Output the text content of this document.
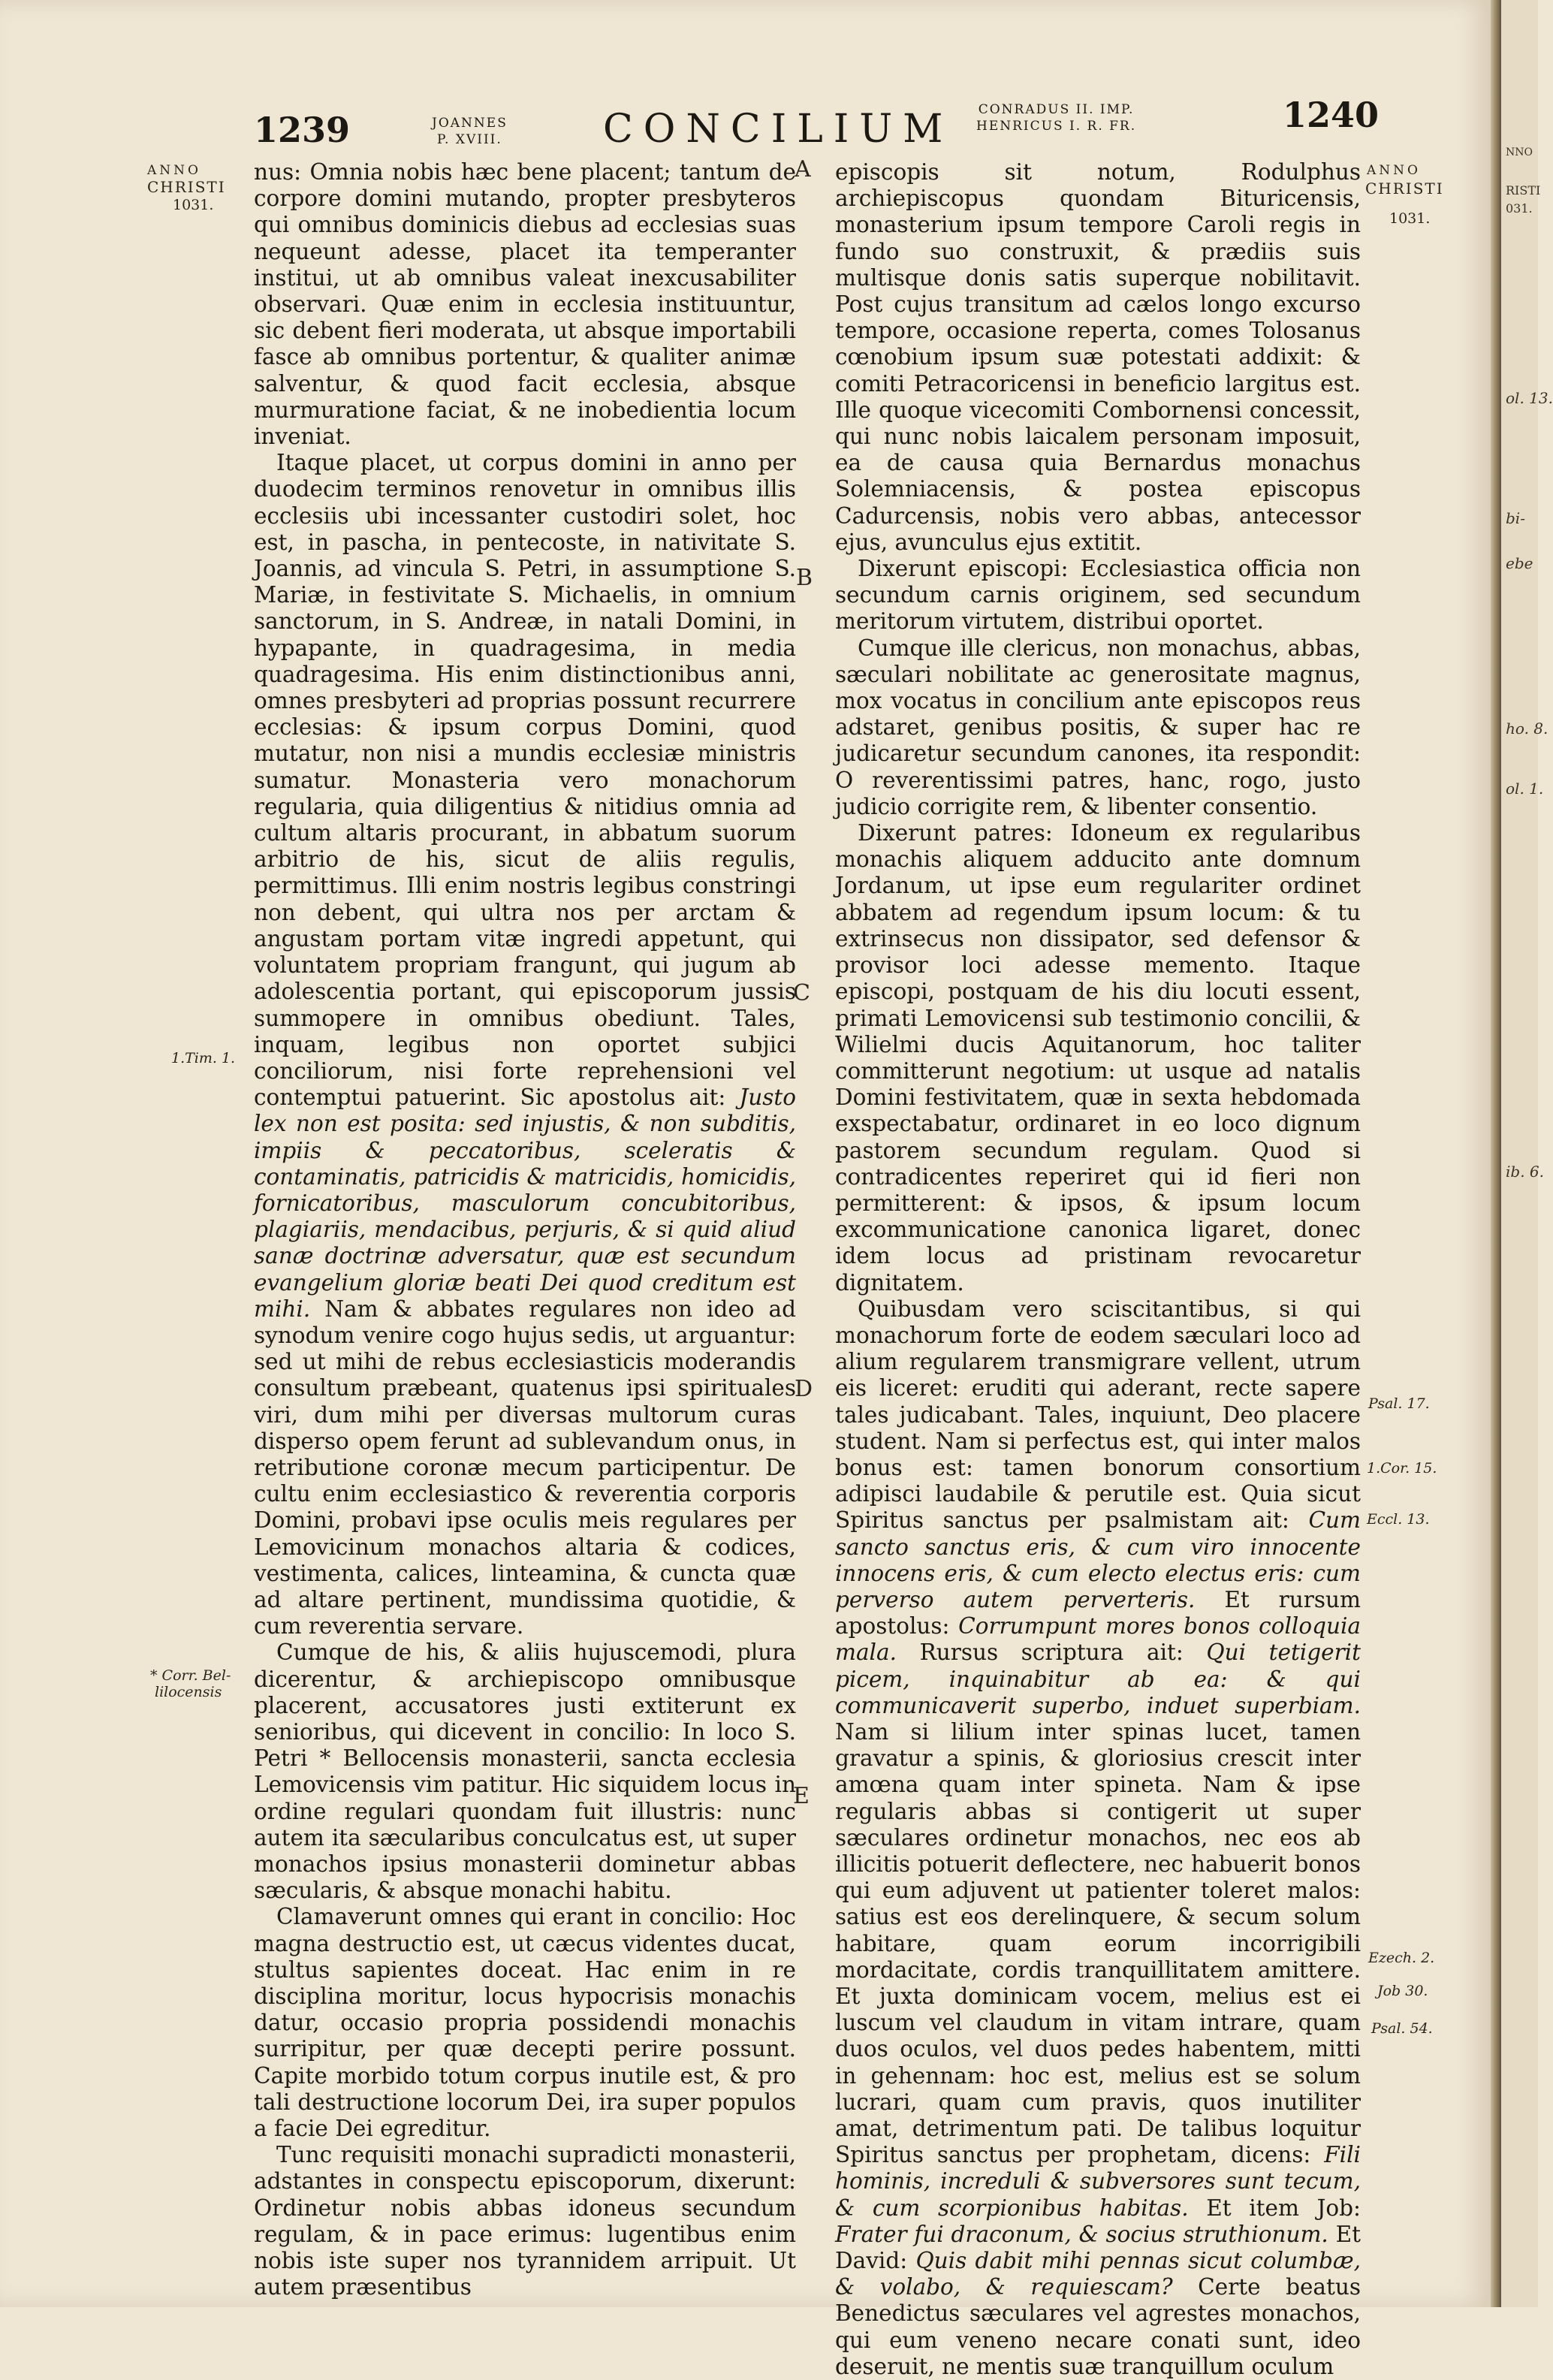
1239	JOANNES
P. XVIII.	CONCILIUM CONRADUS II. IMP.
HENRICUS I. R. FR.	1240
ANNO
CHRISTI
1031.
1.Tim. 1.
* Corr. Bel-
lilocensis
A
B
C
D
E

nus: Omnia nobis hæc bene placent; tantum de corpore domini mutando, propter presbyteros qui omnibus dominicis diebus ad ecclesias suas nequeunt adesse, placet ita temperanter institui, ut ab omnibus valeat inexcusabiliter observari. Quæ enim in ecclesia instituuntur, sic debent fieri moderata, ut absque importabili fasce ab omnibus portentur, & qualiter animæ salventur, & quod facit ecclesia, absque murmuratione faciat, & ne inobedientia locum inveniat.

Itaque placet, ut corpus domini in anno per duodecim terminos renovetur in omnibus illis ecclesiis ubi incessanter custodiri solet, hoc est, in pascha, in pentecoste, in nativitate S. Joannis, ad vincula S. Petri, in assumptione S. Mariæ, in festivitate S. Michaelis, in omnium sanctorum, in S. Andreæ, in natali Domini, in hypapante, in quadragesima, in media quadragesima. His enim distinctionibus anni, omnes presbyteri ad proprias possunt recurrere ecclesias: & ipsum corpus Domini, quod mutatur, non nisi a mundis ecclesiæ ministris sumatur. Monasteria vero monachorum regularia, quia diligentius & nitidius omnia ad cultum altaris procurant, in abbatum suorum arbitrio de his, sicut de aliis regulis, permittimus. Illi enim nostris legibus constringi non debent, qui ultra nos per arctam & angustam portam vitæ ingredi appetunt, qui voluntatem propriam frangunt, qui jugum ab adolescentia portant, qui episcoporum jussis summopere in omnibus obediunt. Tales, inquam, legibus non oportet subjici conciliorum, nisi forte reprehensioni vel contemptui patuerint. Sic apostolus ait: Justo lex non est posita: sed injustis, & non subditis, impiis & peccatoribus, sceleratis & contaminatis, patricidis & matricidis, homicidis, fornicatoribus, masculorum concubitoribus, plagiariis, mendacibus, perjuris, & si quid aliud sanæ doctrinæ adversatur, quæ est secundum evangelium gloriæ beati Dei quod creditum est mihi. Nam & abbates regulares non ideo ad synodum venire cogo hujus sedis, ut arguantur: sed ut mihi de rebus ecclesiasticis moderandis consultum præbeant, quatenus ipsi spirituales viri, dum mihi per diversas multorum curas disperso opem ferunt ad sublevandum onus, in retributione coronæ mecum participentur. De cultu enim ecclesiastico & reverentia corporis Domini, probavi ipse oculis meis regulares per Lemovicinum monachos altaria & codices, vestimenta, calices, linteamina, & cuncta quæ ad altare pertinent, mundissima quotidie, & cum reverentia servare.

Cumque de his, & aliis hujuscemodi, plura dicerentur, & archiepiscopo omnibusque placerent, accusatores justi extiterunt ex senioribus, qui dicevent in concilio: In loco S. Petri * Bellocensis monasterii, sancta ecclesia Lemovicensis vim patitur. Hic siquidem locus in ordine regulari quondam fuit illustris: nunc autem ita sæcularibus conculcatus est, ut super monachos ipsius monasterii dominetur abbas sæcularis, & absque monachi habitu.

Clamaverunt omnes qui erant in concilio: Hoc magna destructio est, ut cæcus videntes ducat, stultus sapientes doceat. Hac enim in re disciplina moritur, locus hypocrisis monachis datur, occasio propria possidendi monachis surripitur, per quæ decepti perire possunt. Capite morbido totum corpus inutile est, & pro tali destructione locorum Dei, ira super populos a facie Dei egreditur.

Tunc requisiti monachi supradicti monasterii, adstantes in conspectu episcoporum, dixerunt: Ordinetur nobis abbas idoneus secundum regulam, & in pace erimus: lugentibus enim nobis iste super nos tyrannidem arripuit. Ut autem præsentibus

episcopis sit notum, Rodulphus archiepiscopus quondam Bituricensis, monasterium ipsum tempore Caroli regis in fundo suo construxit, & prædiis suis multisque donis satis superque nobilitavit. Post cujus transitum ad cælos longo excurso tempore, occasione reperta, comes Tolosanus cœnobium ipsum suæ potestati addixit: & comiti Petracoricensi in beneficio largitus est. Ille quoque vicecomiti Combornensi concessit, qui nunc nobis laicalem personam imposuit, ea de causa quia Bernardus monachus Solemniacensis, & postea episcopus Cadurcensis, nobis vero abbas, antecessor ejus, avunculus ejus extitit.

Dixerunt episcopi: Ecclesiastica officia non secundum carnis originem, sed secundum meritorum virtutem, distribui oportet.

Cumque ille clericus, non monachus, abbas, sæculari nobilitate ac generositate magnus, mox vocatus in concilium ante episcopos reus adstaret, genibus positis, & super hac re judicaretur secundum canones, ita respondit: O reverentissimi patres, hanc, rogo, justo judicio corrigite rem, & libenter consentio.

Dixerunt patres: Idoneum ex regularibus monachis aliquem adducito ante domnum Jordanum, ut ipse eum regulariter ordinet abbatem ad regendum ipsum locum: & tu extrinsecus non dissipator, sed defensor & provisor loci adesse memento. Itaque episcopi, postquam de his diu locuti essent, primati Lemovicensi sub testimonio concilii, & Wilielmi ducis Aquitanorum, hoc taliter committerunt negotium: ut usque ad natalis Domini festivitatem, quæ in sexta hebdomada exspectabatur, ordinaret in eo loco dignum pastorem secundum regulam. Quod si contradicentes reperiret qui id fieri non permitterent: & ipsos, & ipsum locum excommunicatione canonica ligaret, donec idem locus ad pristinam revocaretur dignitatem.

Quibusdam vero sciscitantibus, si qui monachorum forte de eodem sæculari loco ad alium regularem transmigrare vellent, utrum eis liceret: eruditi qui aderant, recte sapere tales judicabant. Tales, inquiunt, Deo placere student. Nam si perfectus est, qui inter malos bonus est: tamen bonorum consortium adipisci laudabile & perutile est. Quia sicut Spiritus sanctus per psalmistam ait: Cum sancto sanctus eris, & cum viro innocente innocens eris, & cum electo electus eris: cum perverso autem perverteris. Et rursum apostolus: Corrumpunt mores bonos colloquia mala. Rursus scriptura ait: Qui tetigerit picem, inquinabitur ab ea: & qui communicaverit superbo, induet superbiam. Nam si lilium inter spinas lucet, tamen gravatur a spinis, & gloriosius crescit inter amœna quam inter spineta. Nam & ipse regularis abbas si contigerit ut super sæculares ordinetur monachos, nec eos ab illicitis potuerit deflectere, nec habuerit bonos qui eum adjuvent ut patienter toleret malos: satius est eos derelinquere, & secum solum habitare, quam eorum incorrigibili mordacitate, cordis tranquillitatem amittere. Et juxta dominicam vocem, melius est ei luscum vel claudum in vitam intrare, quam duos oculos, vel duos pedes habentem, mitti in gehennam: hoc est, melius est se solum lucrari, quam cum pravis, quos inutiliter amat, detrimentum pati. De talibus loquitur Spiritus sanctus per prophetam, dicens: Fili hominis, increduli & subversores sunt tecum, & cum scorpionibus habitas. Et item Job: Frater fui draconum, & socius struthionum. Et David: Quis dabit mihi pennas sicut columbæ, & volabo, & requiescam? Certe beatus Benedictus sæculares vel agrestes monachos, qui eum veneno necare conati sunt, ideo deseruit, ne mentis suæ tranquillum oculum

ANNO
CHRISTI
1031.
Psal. 17.
1.Cor. 15.
Eccl. 13.
Ezech. 2.
Job 30.
Psal. 54.
NNO
RISTI
031.
ol. 13.
bi-
ebe
ho. 8.
ol. 1.
ib. 6.
